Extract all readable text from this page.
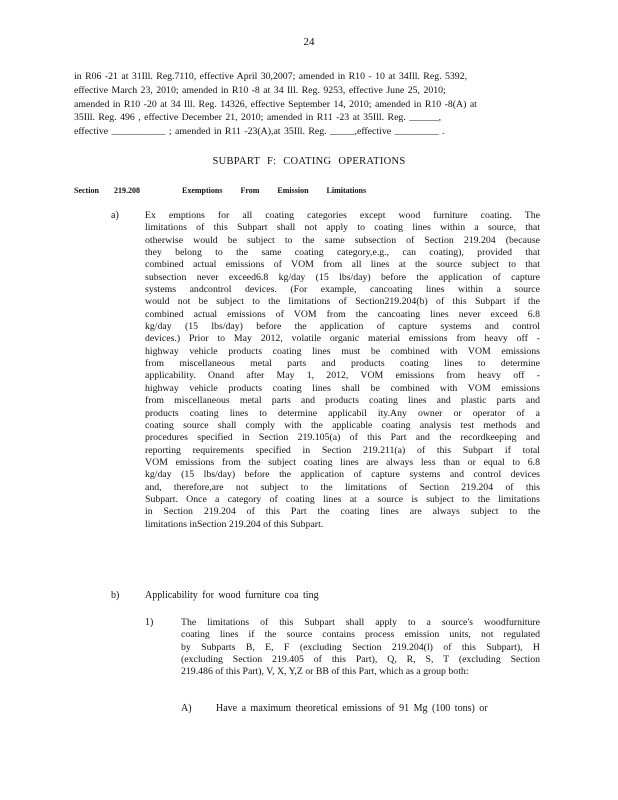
24
in R06 -21 at 31Ill. Reg.7110, effective April 30,2007; amended in R10 - 10 at 34Ill. Reg. 5392,
effective March 23, 2010; amended in R10 -8 at 34 Ill. Reg. 9253, effective June 25, 2010;
amended in R10 -20 at 34 Ill. Reg. 14326, effective September 14, 2010; amended in R10 -8(A) at
35Ill. Reg. 496 , effective December 21, 2010; amended in R11 -23 at 35Ill. Reg. ______,
effective ___________ ; amended in R11 -23(A),at 35Ill. Reg. _____,effective _________ .
SUBPART F: COATING OPERATIONS
Section 219.208	Exemptions From Emission Limitations
a)	Ex emptions for all coating categories except wood furniture coating. The
limitations of this Subpart shall not apply to coating lines within a source, that
otherwise would be subject to the same subsection of Section 219.204 (because
they belong to the same coating category,e.g., can coating), provided that
combined actual emissions of VOM from all lines at the source subject to that
subsection never exceed6.8 kg/day (15 lbs/day) before the application of capture
systems andcontrol devices. (For example, cancoating lines within a source
would not be subject to the limitations of Section219.204(b) of this Subpart if the
combined actual emissions of VOM from the cancoating lines never exceed 6.8
kg/day (15 lbs/day) before the application of capture systems and control
devices.) Prior to May 2012, volatile organic material emissions from heavy off -
highway vehicle products coating lines must be combined with VOM emissions
from miscellaneous metal parts and products coating lines to determine
applicability. Onand after May 1, 2012, VOM emissions from heavy off -
highway vehicle products coating lines shall be combined with VOM emissions
from miscellaneous metal parts and products coating lines and plastic parts and
products coating lines to determine applicabil ity.Any owner or operator of a
coating source shall comply with the applicable coating analysis test methods and
procedures specified in Section 219.105(a) of this Part and the recordkeeping and
reporting requirements specified in Section 219.211(a) of this Subpart if total
VOM emissions from the subject coating lines are always less than or equal to 6.8
kg/day (15 lbs/day) before the application of capture systems and control devices
and, therefore,are not subject to the limitations of Section 219.204 of this
Subpart. Once a category of coating lines at a source is subject to the limitations
in Section 219.204 of this Part the coating lines are always subject to the
limitations inSection 219.204 of this Subpart.
b)	Applicability for wood furniture coa ting
1)	The limitations of this Subpart shall apply to a source's woodfurniture
coating lines if the source contains process emission units, not regulated
by Subparts B, E, F (excluding Section 219.204(l) of this Subpart), H
(excluding Section 219.405 of this Part), Q, R, S, T (excluding Section
219.486 of this Part), V, X, Y,Z or BB of this Part, which as a group both:
A) Have a maximum theoretical emissions of 91 Mg (100 tons) or
